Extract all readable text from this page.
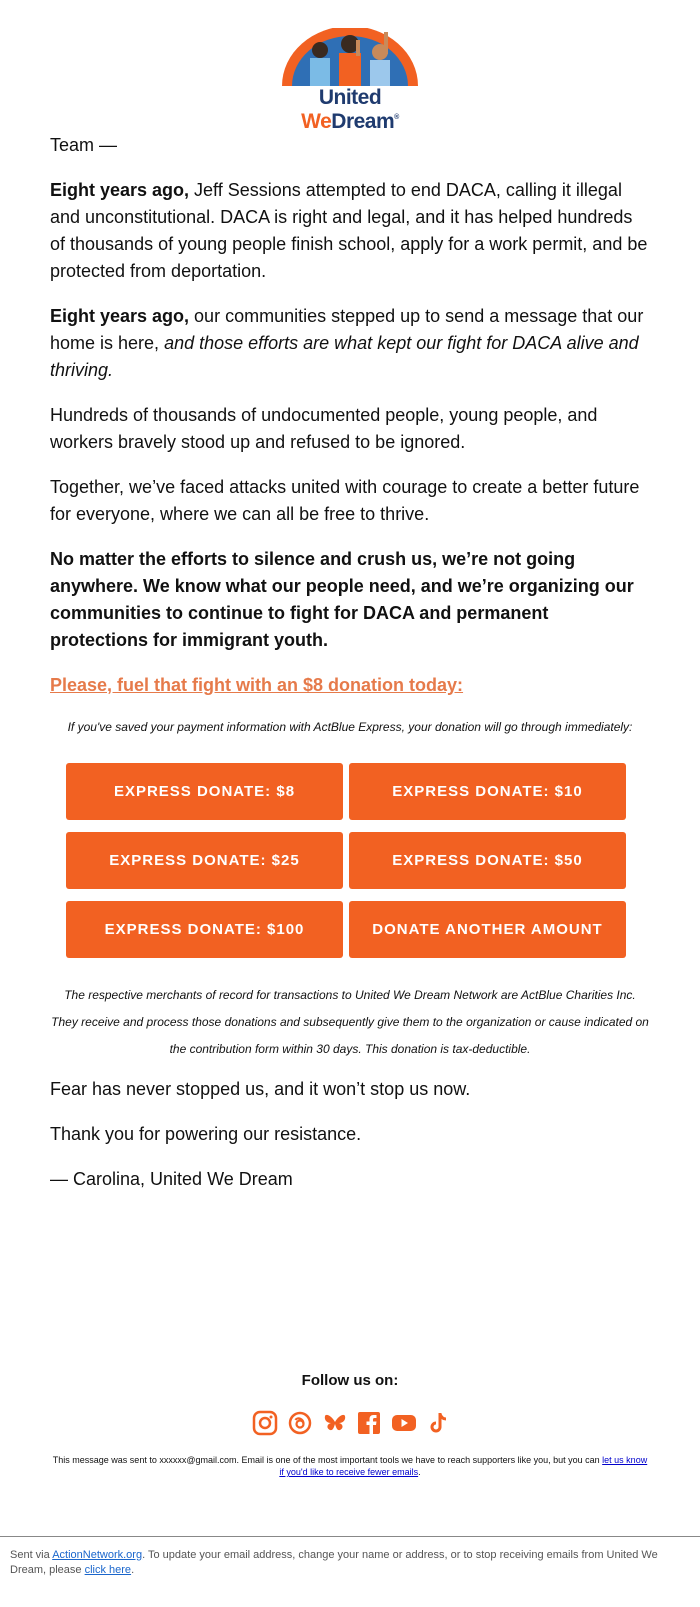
United WeDream®

Team —

Eight years ago, Jeff Sessions attempted to end DACA, calling it illegal and unconstitutional. DACA is right and legal, and it has helped hundreds of thousands of young people finish school, apply for a work permit, and be protected from deportation.

Eight years ago, our communities stepped up to send a message that our home is here, and those efforts are what kept our fight for DACA alive and thriving.

Hundreds of thousands of undocumented people, young people, and workers bravely stood up and refused to be ignored.

Together, we’ve faced attacks united with courage to create a better future for everyone, where we can all be free to thrive.

No matter the efforts to silence and crush us, we’re not going anywhere. We know what our people need, and we’re organizing our communities to continue to fight for DACA and permanent protections for immigrant youth.

Please, fuel that fight with an $8 donation today:

If you've saved your payment information with ActBlue Express, your donation will go through immediately:

EXPRESS DONATE: $8	EXPRESS DONATE: $10
EXPRESS DONATE: $25	EXPRESS DONATE: $50
EXPRESS DONATE: $100	DONATE ANOTHER AMOUNT
The respective merchants of record for transactions to United We Dream Network are ActBlue Charities Inc. They receive and process those donations and subsequently give them to the organization or cause indicated on the contribution form within 30 days. This donation is tax-deductible.

Fear has never stopped us, and it won’t stop us now.

Thank you for powering our resistance.

— Carolina, United We Dream

Follow us on:
This message was sent to xxxxxx@gmail.com. Email is one of the most important tools we have to reach supporters like you, but you can let us know if you'd like to receive fewer emails.
Sent via ActionNetwork.org. To update your email address, change your name or address, or to stop receiving emails from United We Dream, please click here.
